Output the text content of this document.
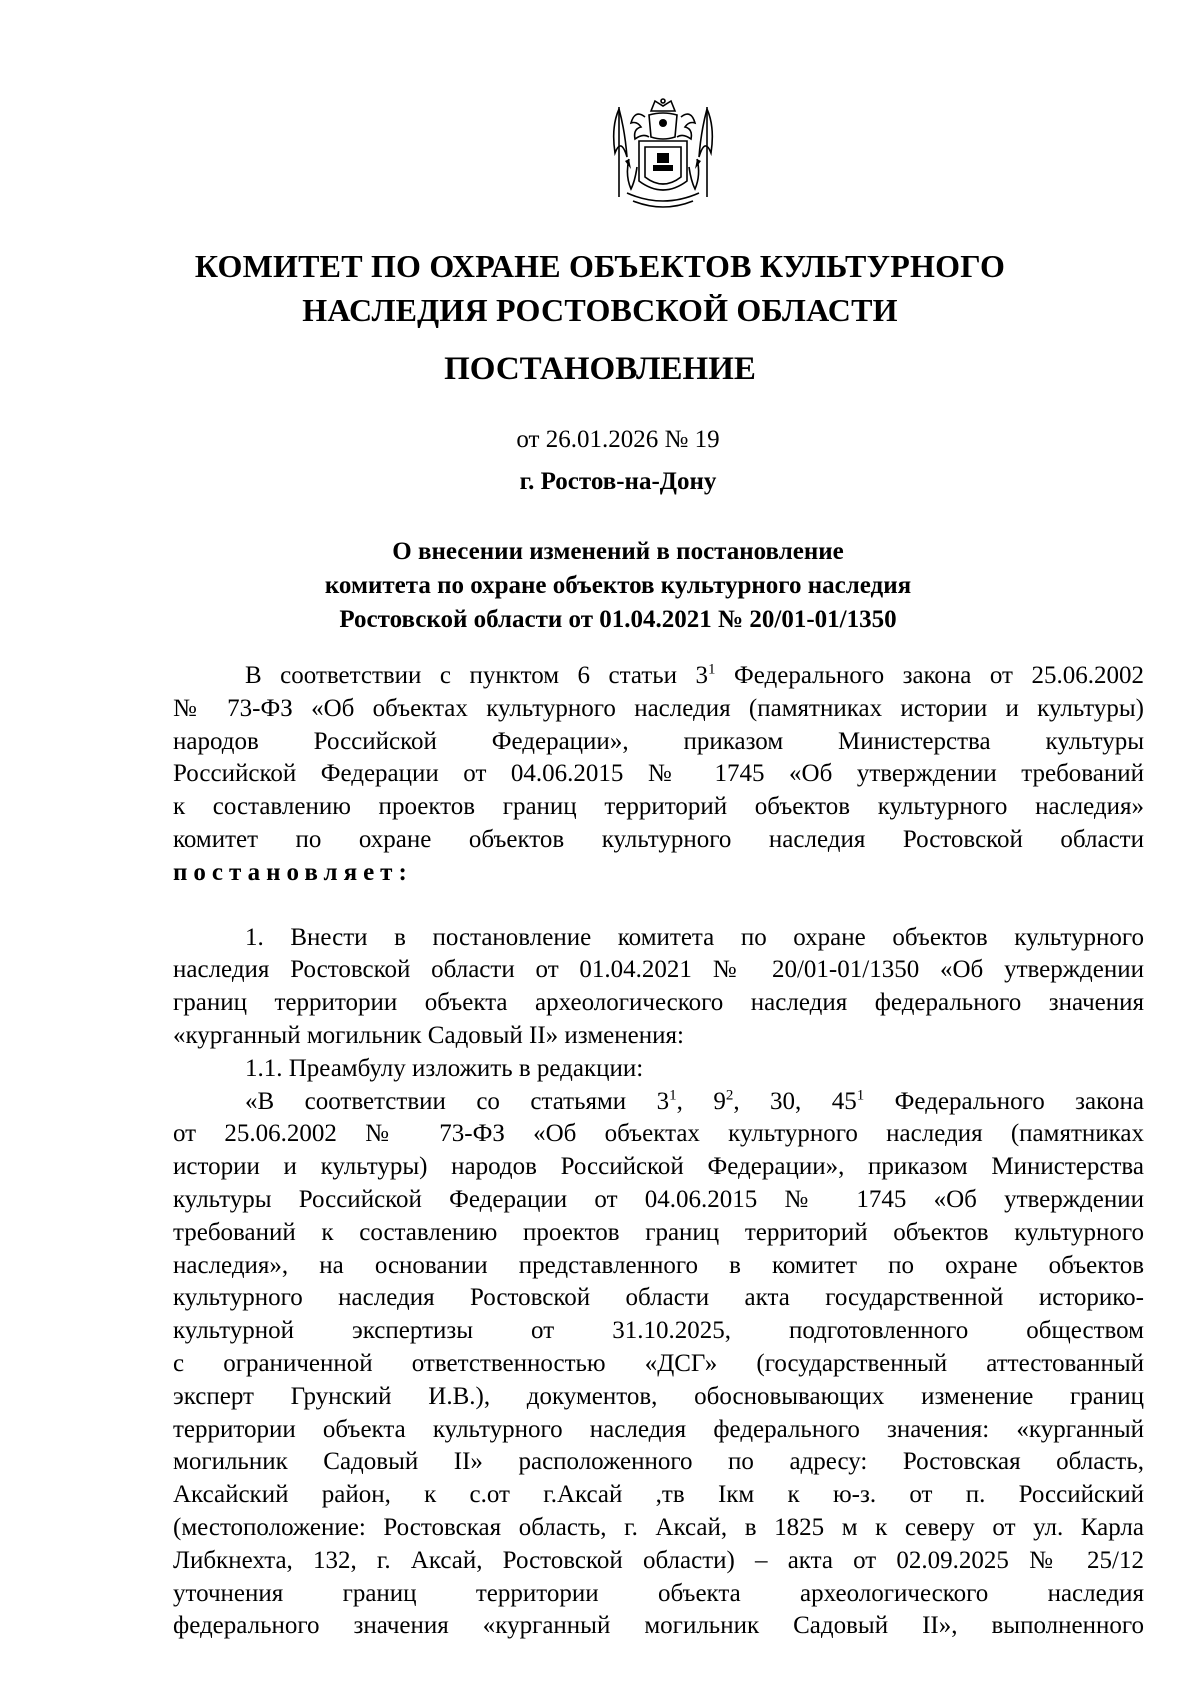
КОМИТЕТ ПО ОХРАНЕ ОБЪЕКТОВ КУЛЬТУРНОГО
НАСЛЕДИЯ РОСТОВСКОЙ ОБЛАСТИ
ПОСТАНОВЛЕНИЕ
от 26.01.2026 № 19
г. Ростов-на-Дону
О внесении изменений в постановление
комитета по охране объектов культурного наследия
Ростовской области от 01.04.2021 № 20/01-01/1350
В соответствии с пунктом 6 статьи $3^1$ Федерального закона от 25.06.2002
№ 73-ФЗ «Об объектах культурного наследия (памятниках истории и культуры)
народов Российской Федерации», приказом Министерства культуры
Российской Федерации от 04.06.2015 № 1745 «Об утверждении требований
к составлению проектов границ территорий объектов культурного наследия»
комитет по охране объектов культурного наследия Ростовской области
постановляет:
1. Внести в постановление комитета по охране объектов культурного
наследия Ростовской области от 01.04.2021 № 20/01-01/1350 «Об утверждении
границ территории объекта археологического наследия федерального значения
«курганный могильник Садовый II» изменения:
1.1. Преамбулу изложить в редакции:
«В соответствии со статьями $3^1$, $9^2$, 30, $45^1$ Федерального закона
от 25.06.2002 № 73-ФЗ «Об объектах культурного наследия (памятниках
истории и культуры) народов Российской Федерации», приказом Министерства
культуры Российской Федерации от 04.06.2015 № 1745 «Об утверждении
требований к составлению проектов границ территорий объектов культурного
наследия», на основании представленного в комитет по охране объектов
культурного наследия Ростовской области акта государственной историко-
культурной экспертизы от 31.10.2025, подготовленного обществом
с ограниченной ответственностью «ДСГ» (государственный аттестованный
эксперт Грунский И.В.), документов, обосновывающих изменение границ
территории объекта культурного наследия федерального значения: «курганный
могильник Садовый II» расположенного по адресу: Ростовская область,
Аксайский район, к с.от г.Аксай ,тв Iкм к ю-з. от п. Российский
(местоположение: Ростовская область, г. Аксай, в 1825 м к северу от ул. Карла
Либкнехта, 132, г. Аксай, Ростовской области) – акта от 02.09.2025 № 25/12
уточнения границ территории объекта археологического наследия
федерального значения «курганный могильник Садовый II», выполненного
